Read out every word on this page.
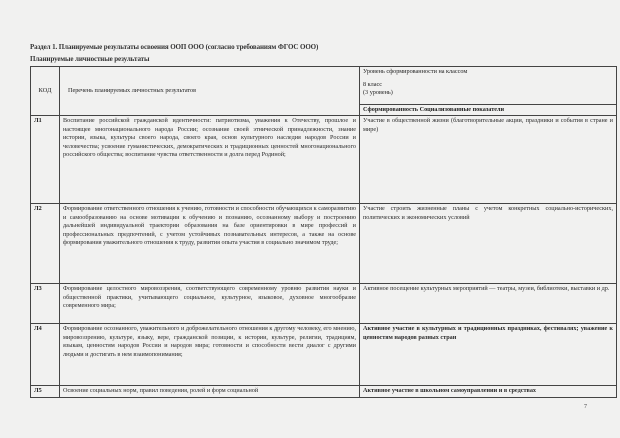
Раздел 1. Планируемые результаты освоения ООП ООО (согласно требованиям ФГОС ООО)
Планируемые личностные результаты
КОД	Перечень планируемых личностных результатов	Уровень сформированности на классом

		8 класс
(3 уровень)

		Сформированность Социализованные показатели
Л1	Воспитание российской гражданской идентичности: патриотизма, уважения к Отечеству, прошлое и настоящее многонационального народа России; осознание своей этнической принадлежности, знание истории, языка, культуры своего народа, своего края, основ культурного наследия народов России и человечества; усвоение гуманистических, демократических и традиционных ценностей многонационального российского общества; воспитание чувства ответственности и долга перед Родиной;	Участие в общественной жизни (благотворительные акции, праздники и события в стране и мире)
Л2	Формирование ответственного отношения к учению, готовности и способности обучающихся к саморазвитию и самообразованию на основе мотивации к обучению и познанию, осознанному выбору и построению дальнейшей индивидуальной траектории образования на базе ориентировки в мире профессий и профессиональных предпочтений, с учетом устойчивых познавательных интересов, а также на основе формирования уважительного отношения к труду, развития опыта участия в социально значимом труде;	Участие строить жизненные планы с учетом конкретных социально-исторических, политических и экономических условий
Л3	Формирование целостного мировоззрения, соответствующего современному уровню развития науки и общественной практики, учитывающего социальное, культурное, языковое, духовное многообразие современного мира;	Активное посещение культурных мероприятий — театры, музеи, библиотеки, выставки и др.
Л4	Формирование осознанного, уважительного и доброжелательного отношения к другому человеку, его мнению, мировоззрению, культуре, языку, вере, гражданской позиции, к истории, культуре, религии, традициям, языкам, ценностям народов России и народов мира; готовности и способности вести диалог с другими людьми и достигать в нем взаимопонимания;	Активное участие в культурных и традиционных праздниках, фестивалях; уважение к ценностям народов разных стран
Л5	Освоение социальных норм, правил поведения, ролей и форм социальной	Активное участие в школьном самоуправлении и в средствах
7
